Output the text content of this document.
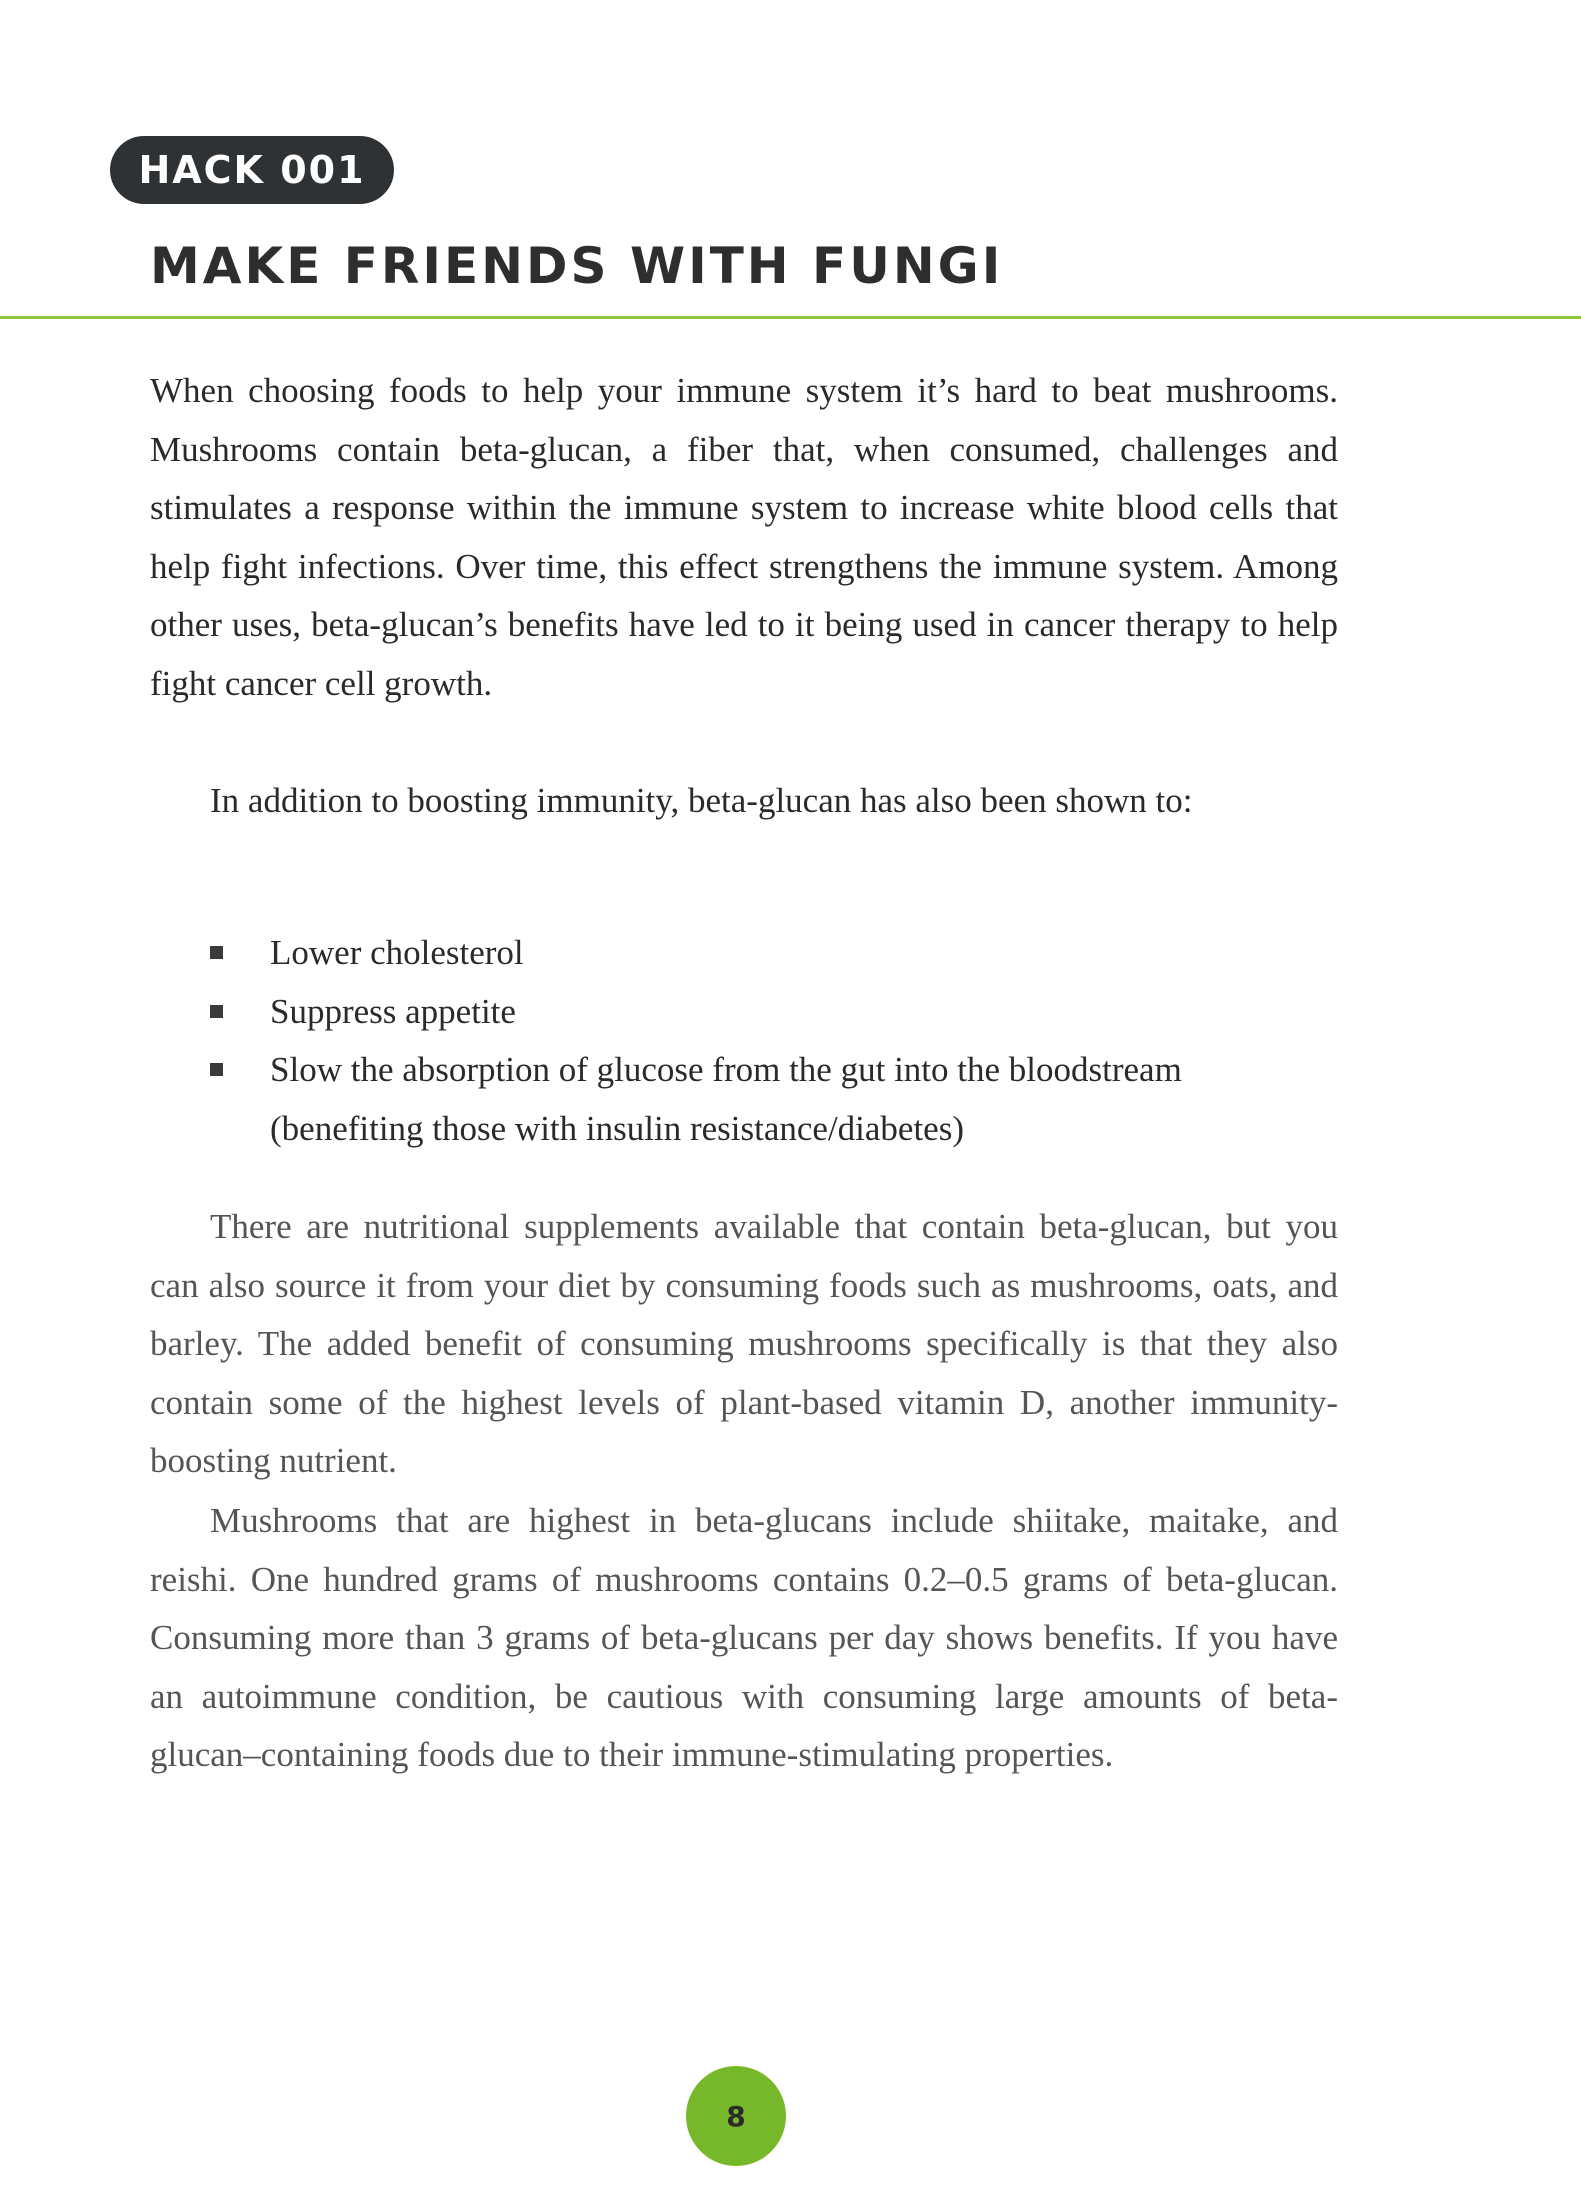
HACK 001
MAKE FRIENDS WITH FUNGI

When choosing foods to help your immune system it’s hard to beat mushrooms. Mushrooms contain beta-glucan, a fiber that, when consumed, challenges and stimulates a response within the immune system to increase white blood cells that help fight infections. Over time, this effect strengthens the immune system. Among other uses, beta-glucan’s benefits have led to it being used in cancer therapy to help fight cancer cell growth.

In addition to boosting immunity, beta-glucan has also been shown to:

Lower cholesterol
Suppress appetite
Slow the absorption of glucose from the gut into the bloodstream (benefiting those with insulin resistance/diabetes)

There are nutritional supplements available that contain beta-glucan, but you can also source it from your diet by consuming foods such as mushrooms, oats, and barley. The added benefit of consuming mushrooms specifically is that they also contain some of the highest levels of plant-based vitamin D, another immunity-boosting nutrient.

Mushrooms that are highest in beta-glucans include shiitake, maitake, and reishi. One hundred grams of mushrooms contains 0.2–0.5 grams of beta-glucan. Consuming more than 3 grams of beta-glucans per day shows benefits. If you have an autoimmune condition, be cautious with consuming large amounts of beta-glucan–containing foods due to their immune-stimulating properties.

8
